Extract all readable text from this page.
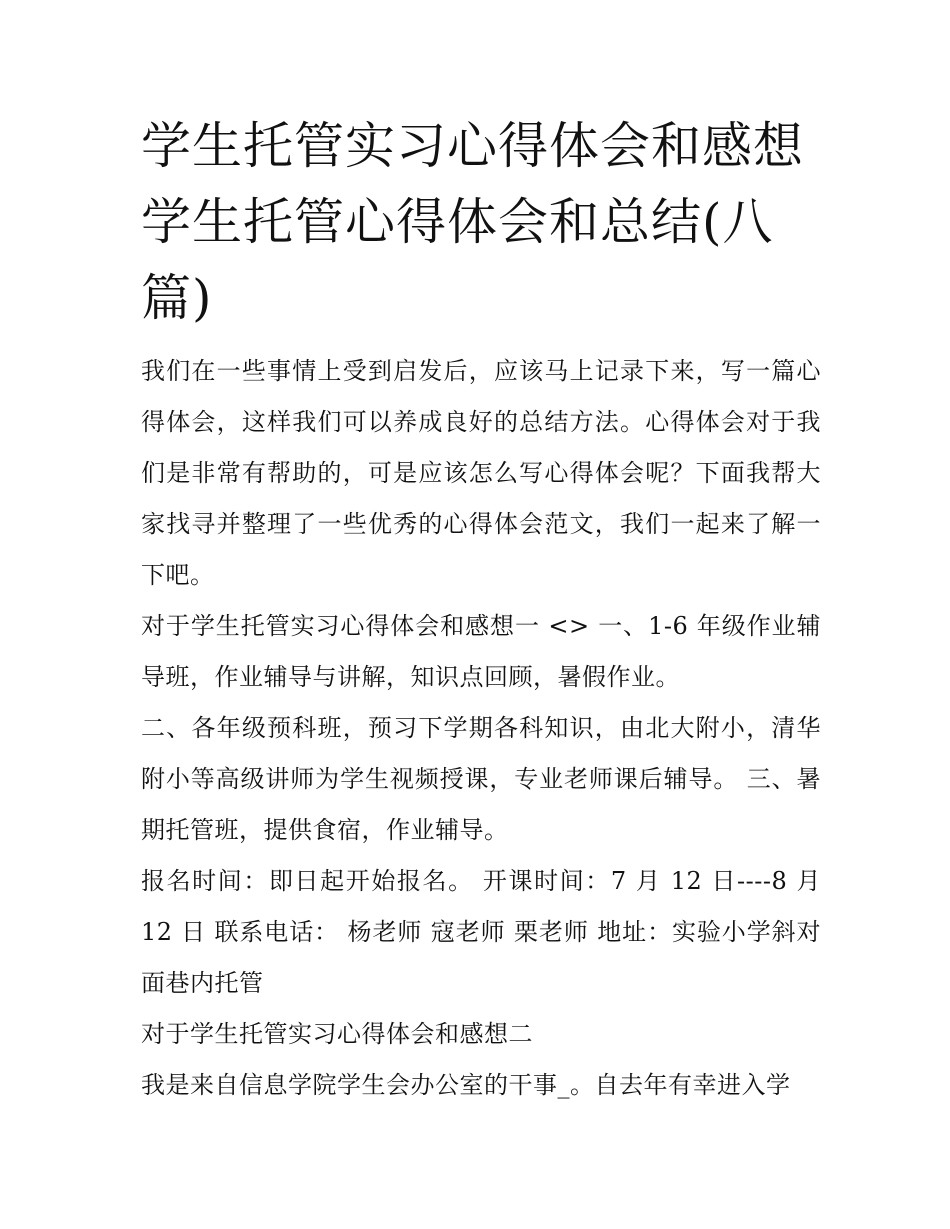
学生托管实习心得体会和感想 学生托管心得体会和总结(八篇)

我们在一些事情上受到启发后，应该马上记录下来，写一篇心得体会，这样我们可以养成良好的总结方法。心得体会对于我们是非常有帮助的，可是应该怎么写心得体会呢？下面我帮大家找寻并整理了一些优秀的心得体会范文，我们一起来了解一下吧。

对于学生托管实习心得体会和感想一 <> 一、1-6 年级作业辅导班，作业辅导与讲解，知识点回顾，暑假作业。

二、各年级预科班，预习下学期各科知识，由北大附小，清华附小等高级讲师为学生视频授课，专业老师课后辅导。 三、暑期托管班，提供食宿，作业辅导。

报名时间：即日起开始报名。 开课时间：7 月 12 日----8 月 12 日 联系电话： 杨老师 寇老师 栗老师 地址：实验小学斜对面巷内托管

对于学生托管实习心得体会和感想二

我是来自信息学院学生会办公室的干事_。自去年有幸进入学
